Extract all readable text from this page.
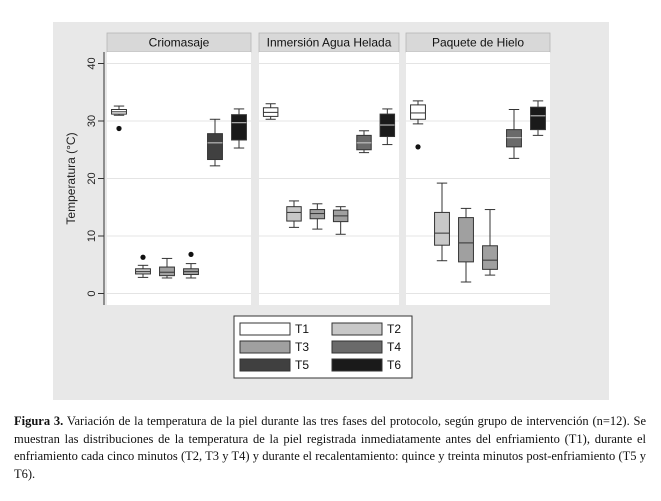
0
10
20
30
40
Temperatura (°C)
Criomasaje	Inmersión Agua Helada	Paquete de Hielo
T1	T2
T3	T4
T5	T6
Figura 3. Variación de la temperatura de la piel durante las tres fases del protocolo, según grupo de intervención (n=12). Se muestran las distribuciones de la temperatura de la piel registrada inmediatamente antes del enfriamiento (T1), durante el enfriamiento cada cinco minutos (T2, T3 y T4) y durante el recalentamiento: quince y treinta minutos post-enfriamiento (T5 y T6).
